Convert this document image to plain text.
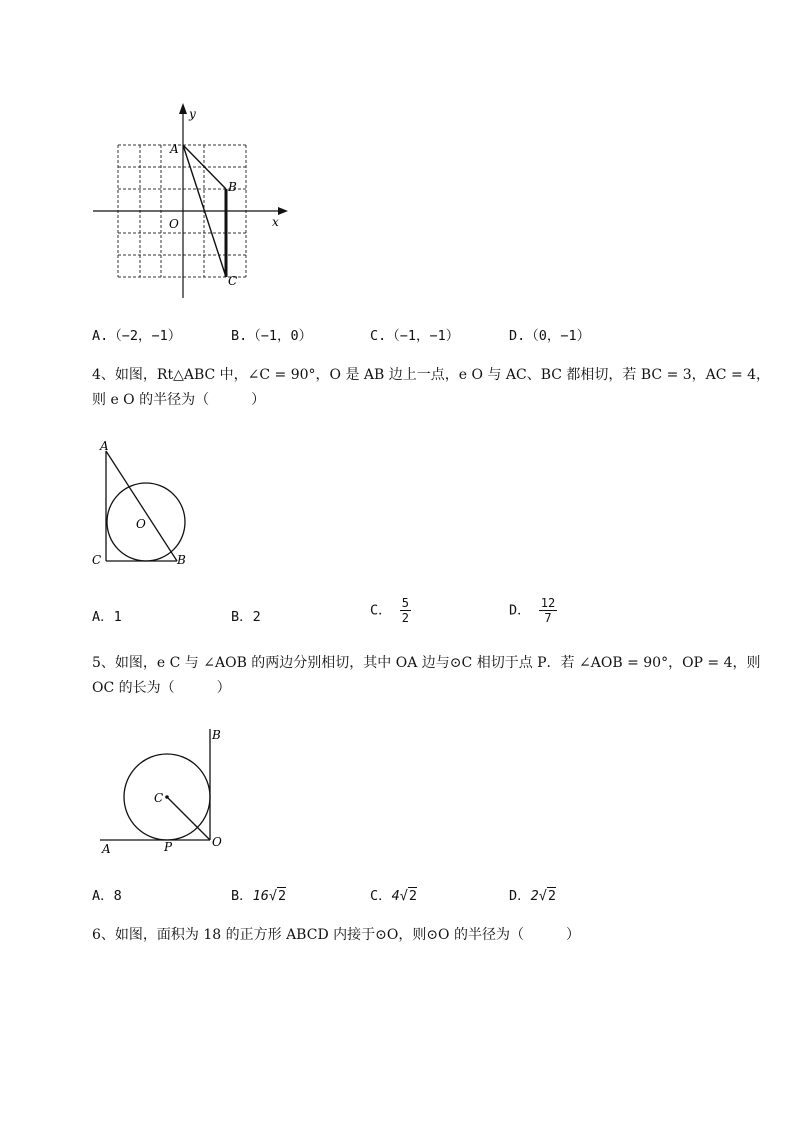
A
B
C
O	x
y
A.（−2，−1）	B.（−1，0）	C.（−1，−1）	D.（0，−1）
4、如图，Rt△ABC 中，∠C = 90°，O 是 AB 边上一点，e O 与 AC、BC 都相切，若 BC = 3，AC = 4，
则 e O 的半径为（　　　）
A
B
C
O
A．1	B．2	C． $\frac{5}{2}$	D． $\frac{12}{7}$
5、如图，e C 与 ∠AOB 的两边分别相切，其中 OA 边与⊙C 相切于点 P．若 ∠AOB = 90°，OP = 4，则
OC 的长为（　　　）
B
C
O
A	P
A．8	B．16√2	C．4√2	D．2√2
6、如图，面积为 18 的正方形 ABCD 内接于⊙O，则⊙O 的半径为（　　　）
